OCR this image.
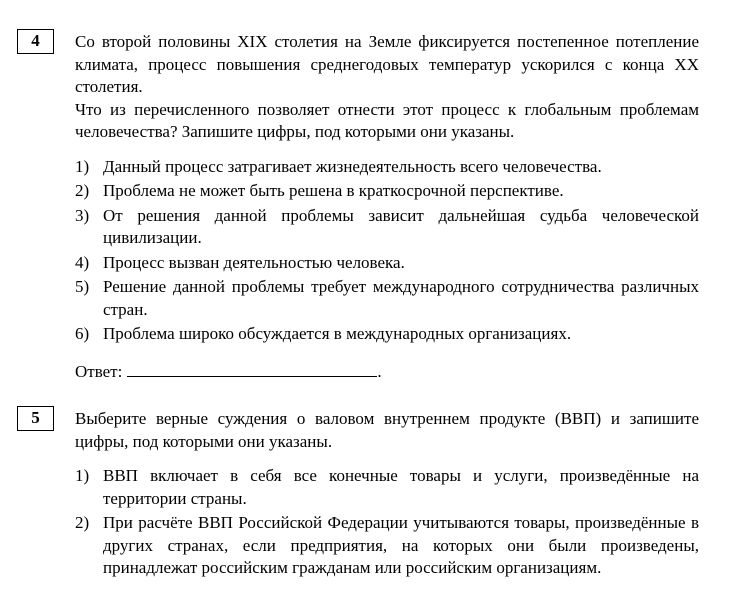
4	Со второй половины XIX столетия на Земле фиксируется постепенное потепление климата, процесс повышения среднегодовых температур ускорился с конца XX столетия.

Что из перечисленного позволяет отнести этот процесс к глобальным проблемам человечества? Запишите цифры, под которыми они указаны.

1) Данный процесс затрагивает жизнедеятельность всего человечества.
2) Проблема не может быть решена в краткосрочной перспективе.
3) От решения данной проблемы зависит дальнейшая судьба человеческой цивилизации.
4) Процесс вызван деятельностью человека.
5) Решение данной проблемы требует международного сотрудничества различных стран.
6) Проблема широко обсуждается в международных организациях.
Ответ:	.
5	Выберите верные суждения о валовом внутреннем продукте (ВВП) и запишите цифры, под которыми они указаны.

1) ВВП включает в себя все конечные товары и услуги, произведённые на территории страны.
2) При расчёте ВВП Российской Федерации учитываются товары, произведённые в других странах, если предприятия, на которых они были произведены, принадлежат российским гражданам или российским организациям.
